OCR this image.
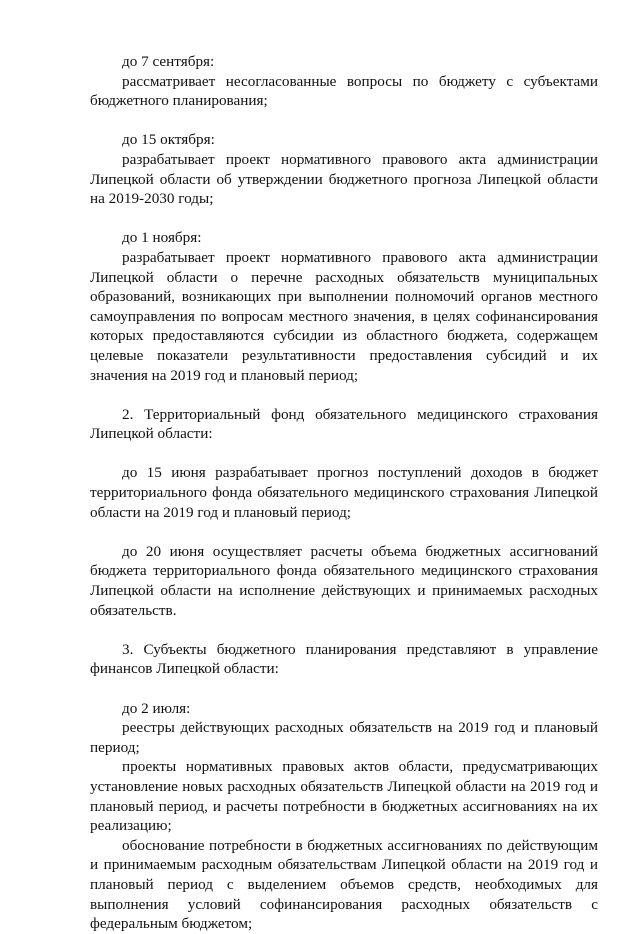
до 7 сентября:

рассматривает несогласованные вопросы по бюджету с субъектами бюджетного планирования;

до 15 октября:

разрабатывает проект нормативного правового акта администрации Липецкой области об утверждении бюджетного прогноза Липецкой области на 2019-2030 годы;

до 1 ноября:

разрабатывает проект нормативного правового акта администрации Липецкой области о перечне расходных обязательств муниципальных образований, возникающих при выполнении полномочий органов местного самоуправления по вопросам местного значения, в целях софинансирования которых предоставляются субсидии из областного бюджета, содержащем целевые показатели результативности предоставления субсидий и их значения на 2019 год и плановый период;

2. Территориальный фонд обязательного медицинского страхования Липецкой области:

до 15 июня разрабатывает прогноз поступлений доходов в бюджет территориального фонда обязательного медицинского страхования Липецкой области на 2019 год и плановый период;

до 20 июня осуществляет расчеты объема бюджетных ассигнований бюджета территориального фонда обязательного медицинского страхования Липецкой области на исполнение действующих и принимаемых расходных обязательств.

3. Субъекты бюджетного планирования представляют в управление финансов Липецкой области:

до 2 июля:

реестры действующих расходных обязательств на 2019 год и плановый период;

проекты нормативных правовых актов области, предусматривающих установление новых расходных обязательств Липецкой области на 2019 год и плановый период, и расчеты потребности в бюджетных ассигнованиях на их реализацию;

обоснование потребности в бюджетных ассигнованиях по действующим и принимаемым расходным обязательствам Липецкой области на 2019 год и плановый период с выделением объемов средств, необходимых для выполнения условий софинансирования расходных обязательств с федеральным бюджетом;
